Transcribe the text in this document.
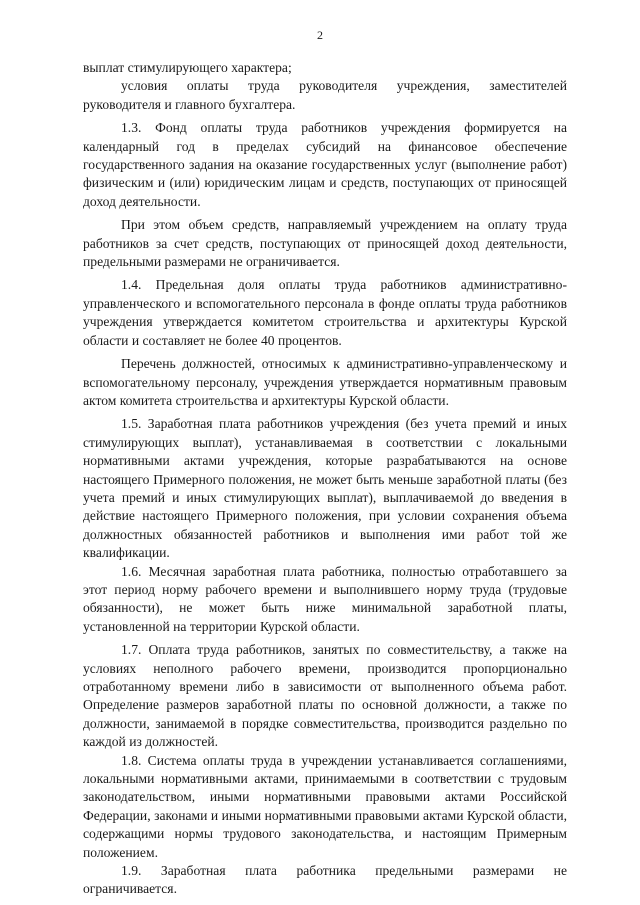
2

выплат стимулирующего характера;

условия оплаты труда руководителя учреждения, заместителей руководителя и главного бухгалтера.

1.3. Фонд оплаты труда работников учреждения формируется на календарный год в пределах субсидий на финансовое обеспечение государственного задания на оказание государственных услуг (выполнение работ) физическим и (или) юридическим лицам и средств, поступающих от приносящей доход деятельности.

При этом объем средств, направляемый учреждением на оплату труда работников за счет средств, поступающих от приносящей доход деятельности, предельными размерами не ограничивается.

1.4. Предельная доля оплаты труда работников административно-управленческого и вспомогательного персонала в фонде оплаты труда работников учреждения утверждается комитетом строительства и архитектуры Курской области и составляет не более 40 процентов.

Перечень должностей, относимых к административно-управленческому и вспомогательному персоналу, учреждения утверждается нормативным правовым актом комитета строительства и архитектуры Курской области.

1.5. Заработная плата работников учреждения (без учета премий и иных стимулирующих выплат), устанавливаемая в соответствии с локальными нормативными актами учреждения, которые разрабатываются на основе настоящего Примерного положения, не может быть меньше заработной платы (без учета премий и иных стимулирующих выплат), выплачиваемой до введения в действие настоящего Примерного положения, при условии сохранения объема должностных обязанностей работников и выполнения ими работ той же квалификации.

1.6. Месячная заработная плата работника, полностью отработавшего за этот период норму рабочего времени и выполнившего норму труда (трудовые обязанности), не может быть ниже минимальной заработной платы, установленной на территории Курской области.

1.7. Оплата труда работников, занятых по совместительству, а также на условиях неполного рабочего времени, производится пропорционально отработанному времени либо в зависимости от выполненного объема работ. Определение размеров заработной платы по основной должности, а также по должности, занимаемой в порядке совместительства, производится раздельно по каждой из должностей.

1.8. Система оплаты труда в учреждении устанавливается соглашениями, локальными нормативными актами, принимаемыми в соответствии с трудовым законодательством, иными нормативными правовыми актами Российской Федерации, законами и иными нормативными правовыми актами Курской области, содержащими нормы трудового законодательства, и настоящим Примерным положением.

1.9. Заработная плата работника предельными размерами не ограничивается.
